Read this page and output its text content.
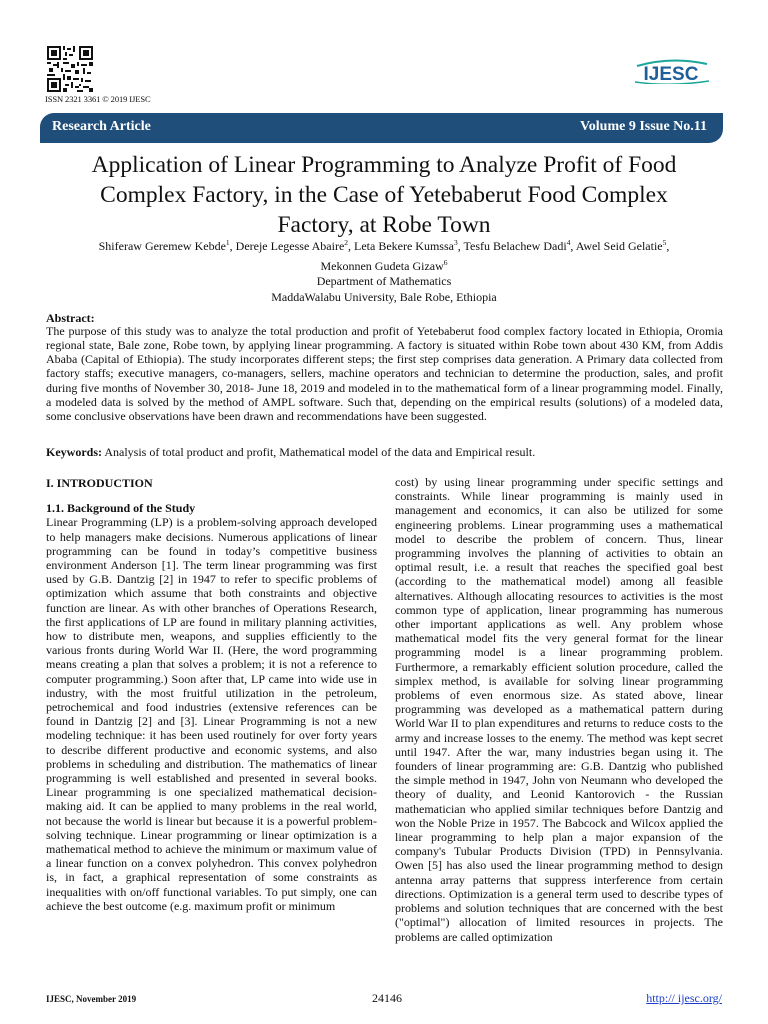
ISSN 2321 3361 © 2019 IJESC
IJESC
Research Article	Volume 9 Issue No.11
Application of Linear Programming to Analyze Profit of Food Complex Factory, in the Case of Yetebaberut Food Complex Factory, at Robe Town
Shiferaw Geremew Kebde$^1$, Dereje Legesse Abaire$^2$, Leta Bekere Kumssa$^3$, Tesfu Belachew Dadi$^4$, Awel Seid Gelatie$^5$,
Mekonnen Gudeta Gizaw$^6$
Department of Mathematics
MaddaWalabu University, Bale Robe, Ethiopia
Abstract:

The purpose of this study was to analyze the total production and profit of Yetebaberut food complex factory located in Ethiopia, Oromia regional state, Bale zone, Robe town, by applying linear programming. A factory is situated within Robe town about 430 KM, from Addis Ababa (Capital of Ethiopia). The study incorporates different steps; the first step comprises data generation. A Primary data collected from factory staffs; executive managers, co-managers, sellers, machine operators and technician to determine the production, sales, and profit during five months of November 30, 2018- June 18, 2019 and modeled in to the mathematical form of a linear programming model. Finally, a modeled data is solved by the method of AMPL software. Such that, depending on the empirical results (solutions) of a modeled data, some conclusive observations have been drawn and recommendations have been suggested.

Keywords: Analysis of total product and profit, Mathematical model of the data and Empirical result.

I. INTRODUCTION
1.1. Background of the Study

Linear Programming (LP) is a problem-solving approach developed to help managers make decisions. Numerous applications of linear programming can be found in today’s competitive business environment Anderson [1]. The term linear programming was first used by G.B. Dantzig [2] in 1947 to refer to specific problems of optimization which assume that both constraints and objective function are linear. As with other branches of Operations Research, the first applications of LP are found in military planning activities, how to distribute men, weapons, and supplies efficiently to the various fronts during World War II. (Here, the word programming means creating a plan that solves a problem; it is not a reference to computer programming.) Soon after that, LP came into wide use in industry, with the most fruitful utilization in the petroleum, petrochemical and food industries (extensive references can be found in Dantzig [2] and [3]. Linear Programming is not a new modeling technique: it has been used routinely for over forty years to describe different productive and economic systems, and also problems in scheduling and distribution. The mathematics of linear programming is well established and presented in several books. Linear programming is one specialized mathematical decision-making aid. It can be applied to many problems in the real world, not because the world is linear but because it is a powerful problem-solving technique. Linear programming or linear optimization is a mathematical method to achieve the minimum or maximum value of a linear function on a convex polyhedron. This convex polyhedron is, in fact, a graphical representation of some constraints as inequalities with on/off functional variables. To put simply, one can achieve the best outcome (e.g. maximum profit or minimum

cost) by using linear programming under specific settings and constraints. While linear programming is mainly used in management and economics, it can also be utilized for some engineering problems. Linear programming uses a mathematical model to describe the problem of concern. Thus, linear programming involves the planning of activities to obtain an optimal result, i.e. a result that reaches the specified goal best (according to the mathematical model) among all feasible alternatives. Although allocating resources to activities is the most common type of application, linear programming has numerous other important applications as well. Any problem whose mathematical model fits the very general format for the linear programming model is a linear programming problem. Furthermore, a remarkably efficient solution procedure, called the simplex method, is available for solving linear programming problems of even enormous size. As stated above, linear programming was developed as a mathematical pattern during World War II to plan expenditures and returns to reduce costs to the army and increase losses to the enemy. The method was kept secret until 1947. After the war, many industries began using it. The founders of linear programming are: G.B. Dantzig who published the simple method in 1947, John von Neumann who developed the theory of duality, and Leonid Kantorovich - the Russian mathematician who applied similar techniques before Dantzig and won the Noble Prize in 1957. The Babcock and Wilcox applied the linear programming to help plan a major expansion of the company's Tubular Products Division (TPD) in Pennsylvania. Owen [5] has also used the linear programming method to design antenna array patterns that suppress interference from certain directions. Optimization is a general term used to describe types of problems and solution techniques that are concerned with the best ("optimal") allocation of limited resources in projects. The problems are called optimization

IJESC, November 2019	24146	http:// ijesc.org/
